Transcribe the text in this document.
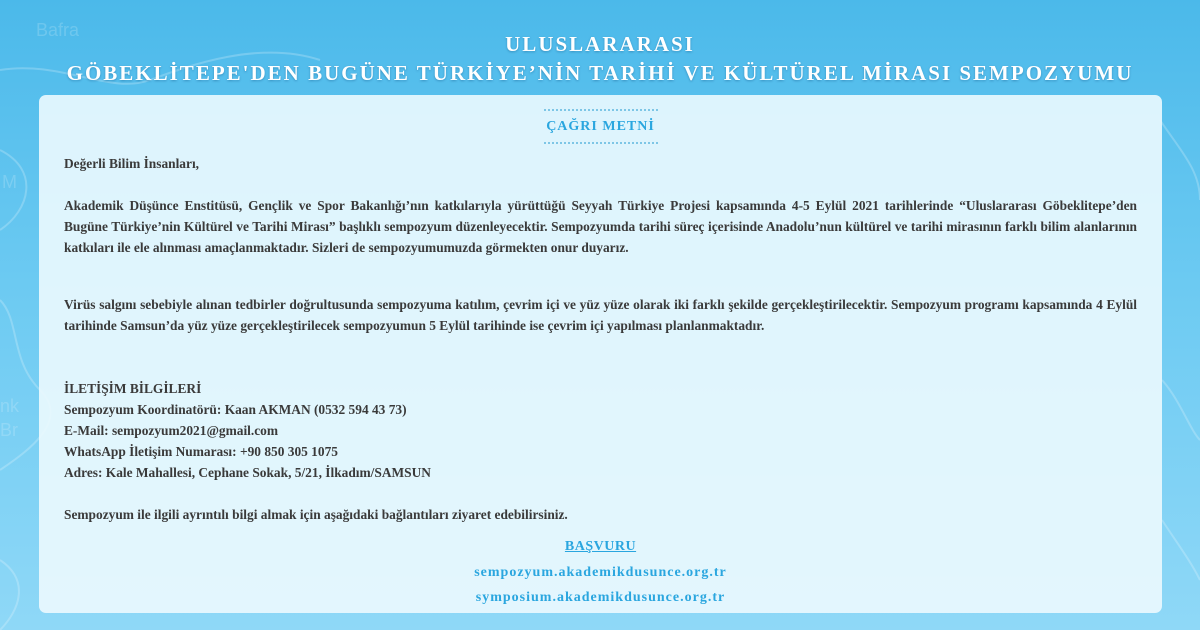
Bafra
M
nk
Br
ULUSLARARASI
GÖBEKLİTEPE'DEN BUGÜNE TÜRKİYE’NİN TARİHİ VE KÜLTÜREL MİRASI SEMPOZYUMU
ÇAĞRI METNİ

Değerli Bilim İnsanları,

Akademik Düşünce Enstitüsü, Gençlik ve Spor Bakanlığı’nın katkılarıyla yürüttüğü Seyyah Türkiye Projesi kapsamında 4-5 Eylül 2021 tarihlerinde “Uluslararası Göbeklitepe’den Bugüne Türkiye’nin Kültürel ve Tarihi Mirası” başlıklı sempozyum düzenleyecektir. Sempozyumda tarihi süreç içerisinde Anadolu’nun kültürel ve tarihi mirasının farklı bilim alanlarının katkıları ile ele alınması amaçlanmaktadır. Sizleri de sempozyumumuzda görmekten onur duyarız.

Virüs salgını sebebiyle alınan tedbirler doğrultusunda sempozyuma katılım, çevrim içi ve yüz yüze olarak iki farklı şekilde gerçekleştirilecektir. Sempozyum programı kapsamında 4 Eylül tarihinde Samsun’da yüz yüze gerçekleştirilecek sempozyumun 5 Eylül tarihinde ise çevrim içi yapılması planlanmaktadır.

İLETİŞİM BİLGİLERİ

Sempozyum Koordinatörü: Kaan AKMAN (0532 594 43 73)

E-Mail: sempozyum2021@gmail.com

WhatsApp İletişim Numarası: +90 850 305 1075

Adres: Kale Mahallesi, Cephane Sokak, 5/21, İlkadım/SAMSUN

Sempozyum ile ilgili ayrıntılı bilgi almak için aşağıdaki bağlantıları ziyaret edebilirsiniz.

BAŞVURU
sempozyum.akademikdusunce.org.tr
symposium.akademikdusunce.org.tr
